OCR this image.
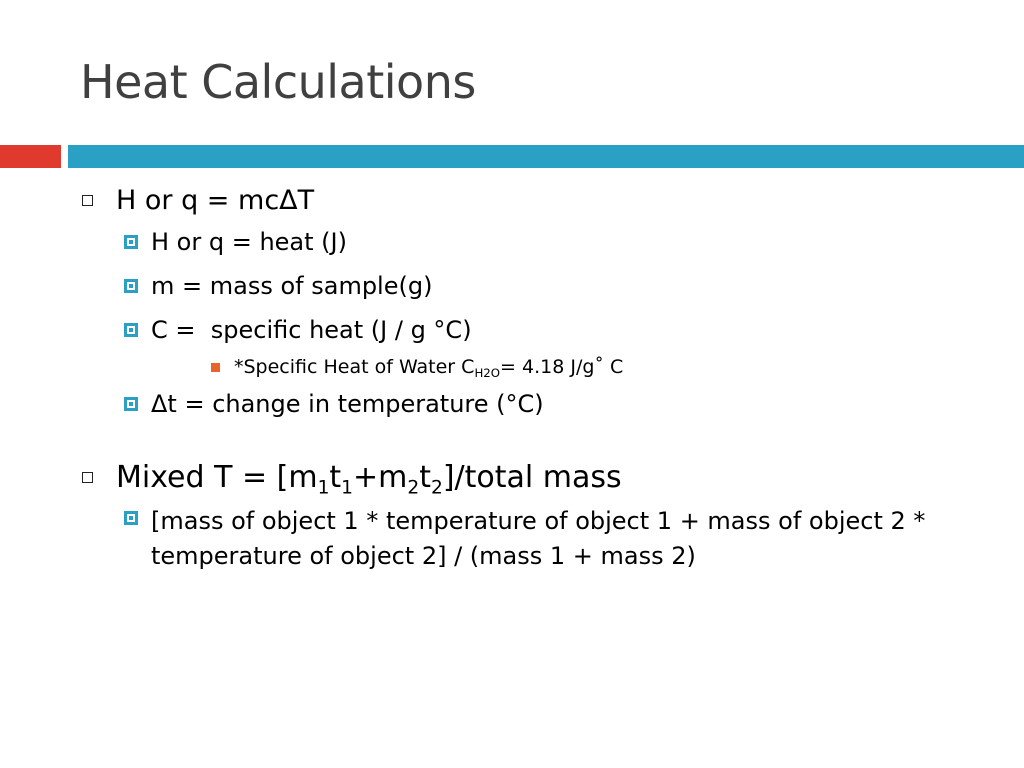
Heat Calculations
H or q = mcΔT
H or q = heat (J)
m = mass of sample(g)
C =  specific heat (J / g °C)
*Specific Heat of Water $C_{H2O}= 4.18$ J/g˚ C
Δt = change in temperature (°C)
Mixed $T = [m_1t_1+m_2t_2]$/total mass
[mass of object 1 * temperature of object 1 + mass of object 2 * temperature of object 2] / (mass 1 + mass 2)
